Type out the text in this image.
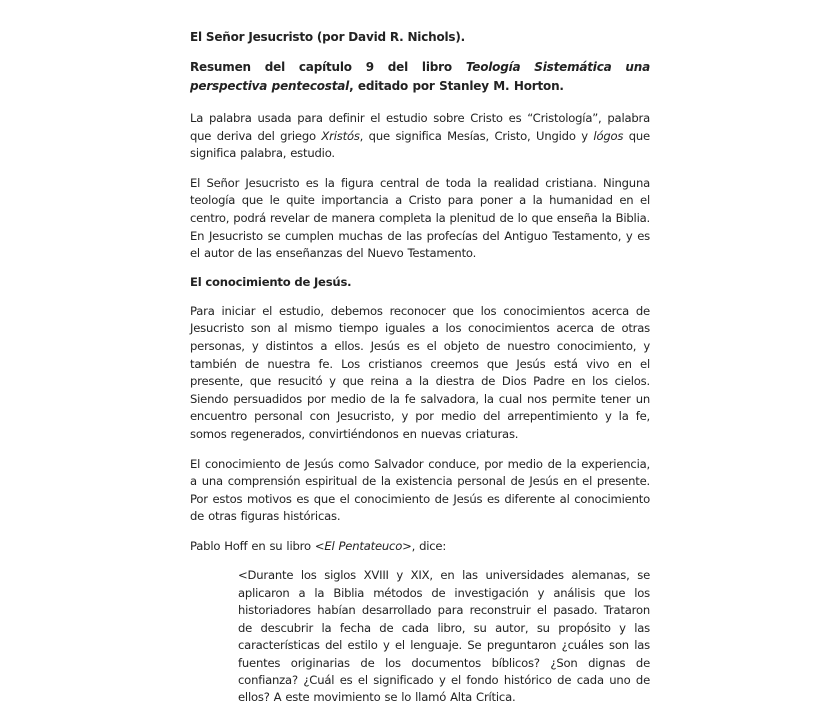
El Señor Jesucristo (por David R. Nichols).
Resumen del capítulo 9 del libro Teología Sistemática una perspectiva pentecostal, editado por Stanley M. Horton.

La palabra usada para definir el estudio sobre Cristo es “Cristología”, palabra que deriva del griego Xristós, que significa Mesías, Cristo, Ungido y lógos que significa palabra, estudio.

El Señor Jesucristo es la figura central de toda la realidad cristiana. Ninguna teología que le quite importancia a Cristo para poner a la humanidad en el centro, podrá revelar de manera completa la plenitud de lo que enseña la Biblia. En Jesucristo se cumplen muchas de las profecías del Antiguo Testamento, y es el autor de las enseñanzas del Nuevo Testamento.

El conocimiento de Jesús.

Para iniciar el estudio, debemos reconocer que los conocimientos acerca de Jesucristo son al mismo tiempo iguales a los conocimientos acerca de otras personas, y distintos a ellos. Jesús es el objeto de nuestro conocimiento, y también de nuestra fe. Los cristianos creemos que Jesús está vivo en el presente, que resucitó y que reina a la diestra de Dios Padre en los cielos. Siendo persuadidos por medio de la fe salvadora, la cual nos permite tener un encuentro personal con Jesucristo, y por medio del arrepentimiento y la fe, somos regenerados, convirtiéndonos en nuevas criaturas.

El conocimiento de Jesús como Salvador conduce, por medio de la experiencia, a una comprensión espiritual de la existencia personal de Jesús en el presente. Por estos motivos es que el conocimiento de Jesús es diferente al conocimiento de otras figuras históricas.

Pablo Hoff en su libro <El Pentateuco>, dice:

<Durante los siglos XVIII y XIX, en las universidades alemanas, se aplicaron a la Biblia métodos de investigación y análisis que los historiadores habían desarrollado para reconstruir el pasado. Trataron de descubrir la fecha de cada libro, su autor, su propósito y las características del estilo y el lenguaje. Se preguntaron ¿cuáles son las fuentes originarias de los documentos bíblicos? ¿Son dignas de confianza? ¿Cuál es el significado y el fondo histórico de cada uno de ellos? A este movimiento se lo llamó Alta Crítica.
